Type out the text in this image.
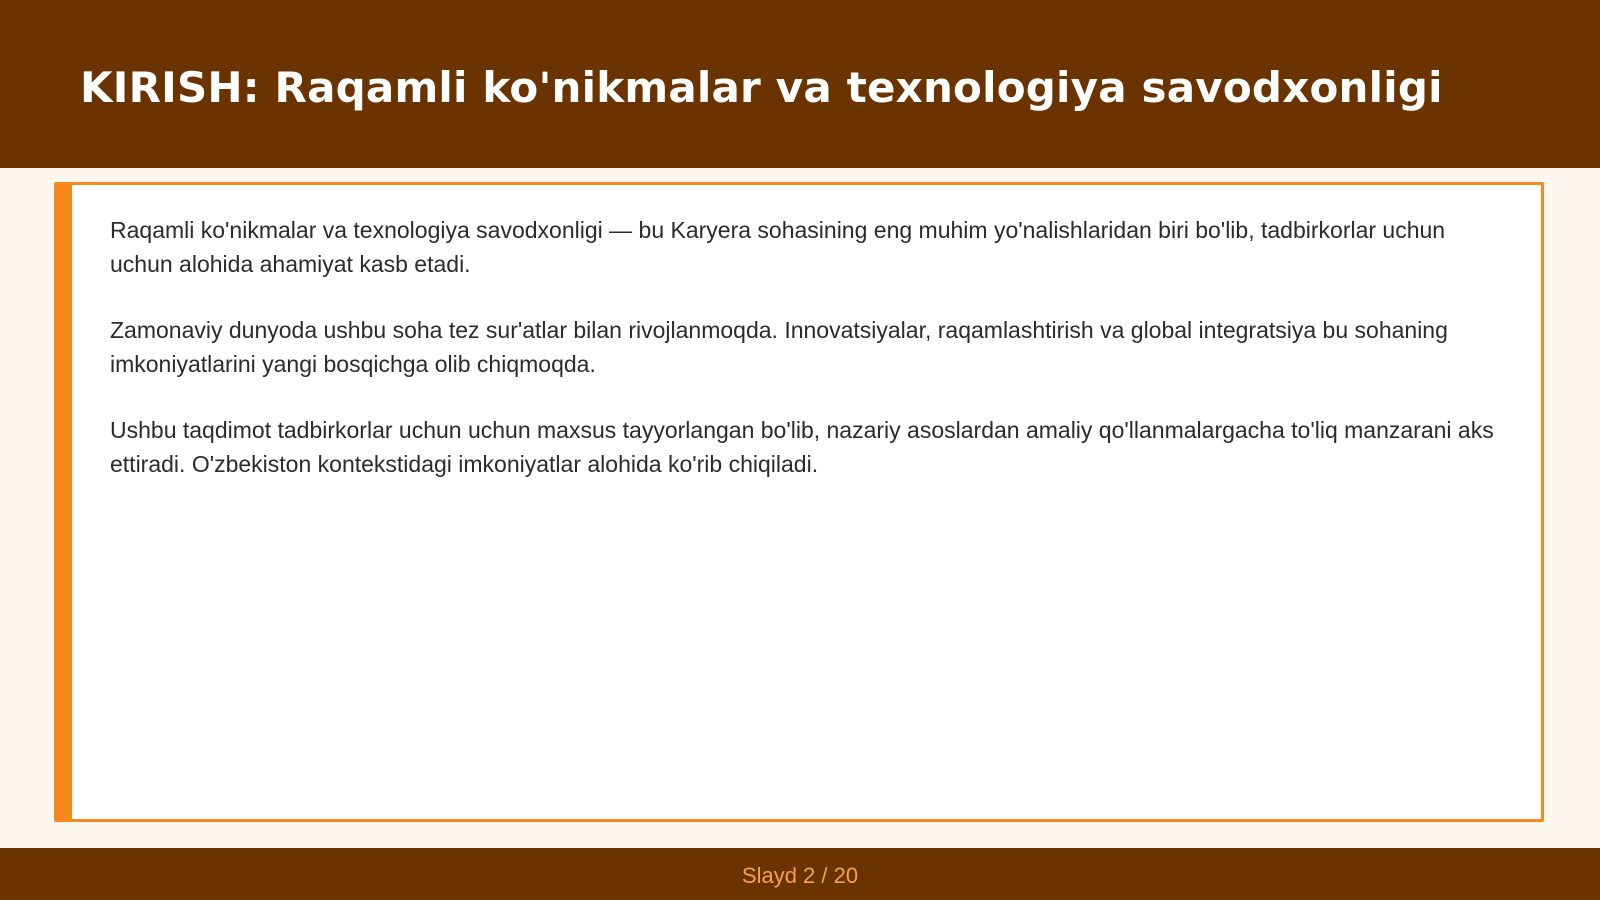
KIRISH: Raqamli ko'nikmalar va texnologiya savodxonligi

Raqamli ko'nikmalar va texnologiya savodxonligi — bu Karyera sohasining eng muhim yo'nalishlaridan biri bo'lib, tadbirkorlar uchun uchun alohida ahamiyat kasb etadi.

Zamonaviy dunyoda ushbu soha tez sur'atlar bilan rivojlanmoqda. Innovatsiyalar, raqamlashtirish va global integratsiya bu sohaning imkoniyatlarini yangi bosqichga olib chiqmoqda.

Ushbu taqdimot tadbirkorlar uchun uchun maxsus tayyorlangan bo'lib, nazariy asoslardan amaliy qo'llanmalargacha to'liq manzarani aks ettiradi. O'zbekiston kontekstidagi imkoniyatlar alohida ko'rib chiqiladi.

Slayd 2 / 20
